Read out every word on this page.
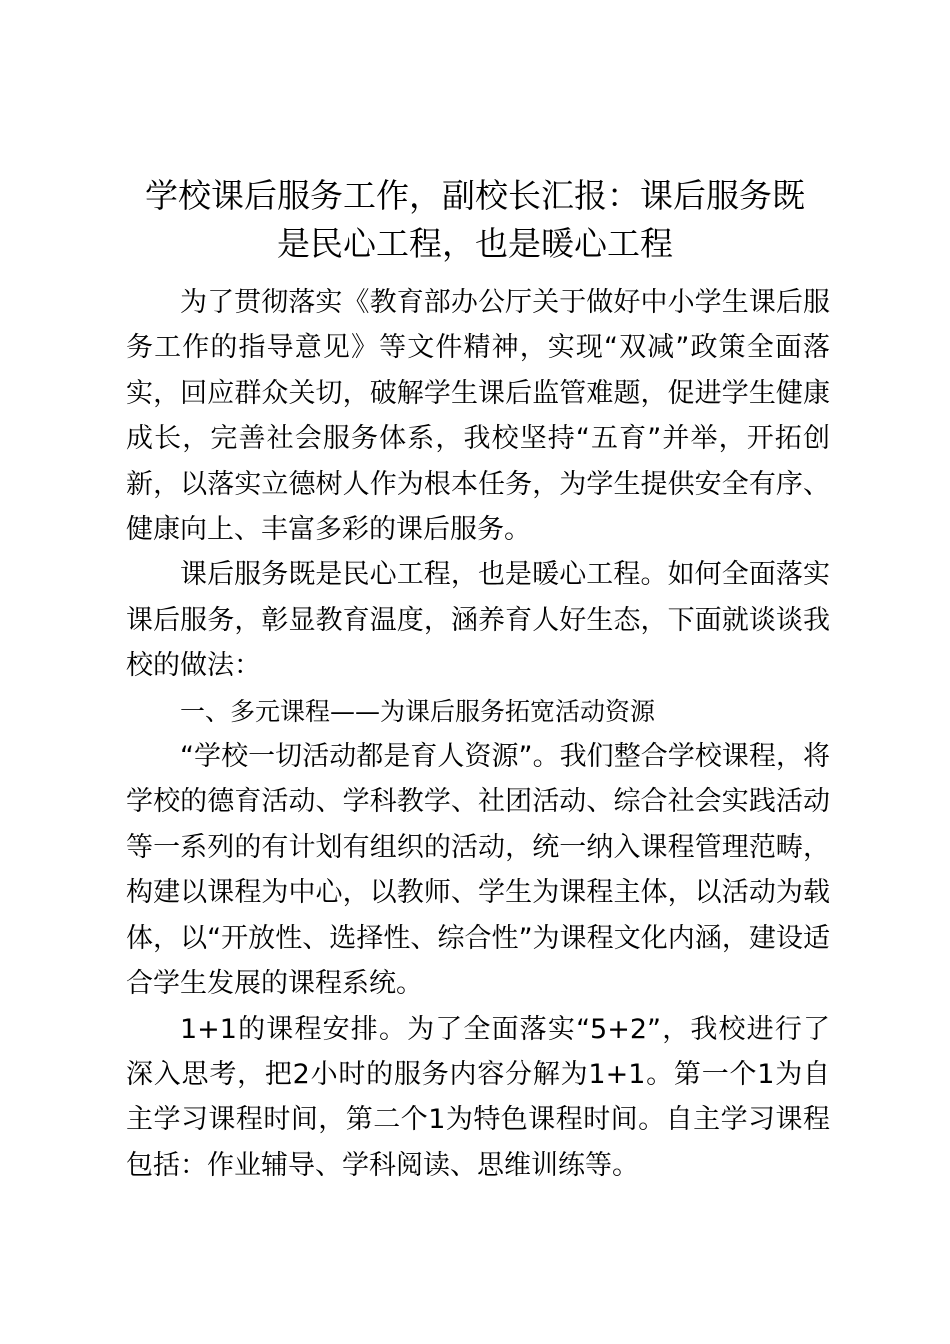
学校课后服务工作，副校长汇报：课后服务既
是民心工程，也是暖心工程

为了贯彻落实《教育部办公厅关于做好中小学生课后服务工作的指导意见》等文件精神，实现“双减”政策全面落实，回应群众关切，破解学生课后监管难题，促进学生健康成长，完善社会服务体系，我校坚持“五育”并举，开拓创新，以落实立德树人作为根本任务，为学生提供安全有序、健康向上、丰富多彩的课后服务。

课后服务既是民心工程，也是暖心工程。如何全面落实课后服务，彰显教育温度，涵养育人好生态，下面就谈谈我校的做法：

一、多元课程——为课后服务拓宽活动资源

“学校一切活动都是育人资源”。我们整合学校课程，将学校的德育活动、学科教学、社团活动、综合社会实践活动等一系列的有计划有组织的活动，统一纳入课程管理范畴，构建以课程为中心，以教师、学生为课程主体，以活动为载体，以“开放性、选择性、综合性”为课程文化内涵，建设适合学生发展的课程系统。

1+1的课程安排。为了全面落实“5+2”，我校进行了深入思考，把2小时的服务内容分解为1+1。第一个1为自主学习课程时间，第二个1为特色课程时间。自主学习课程包括：作业辅导、学科阅读、思维训练等。
